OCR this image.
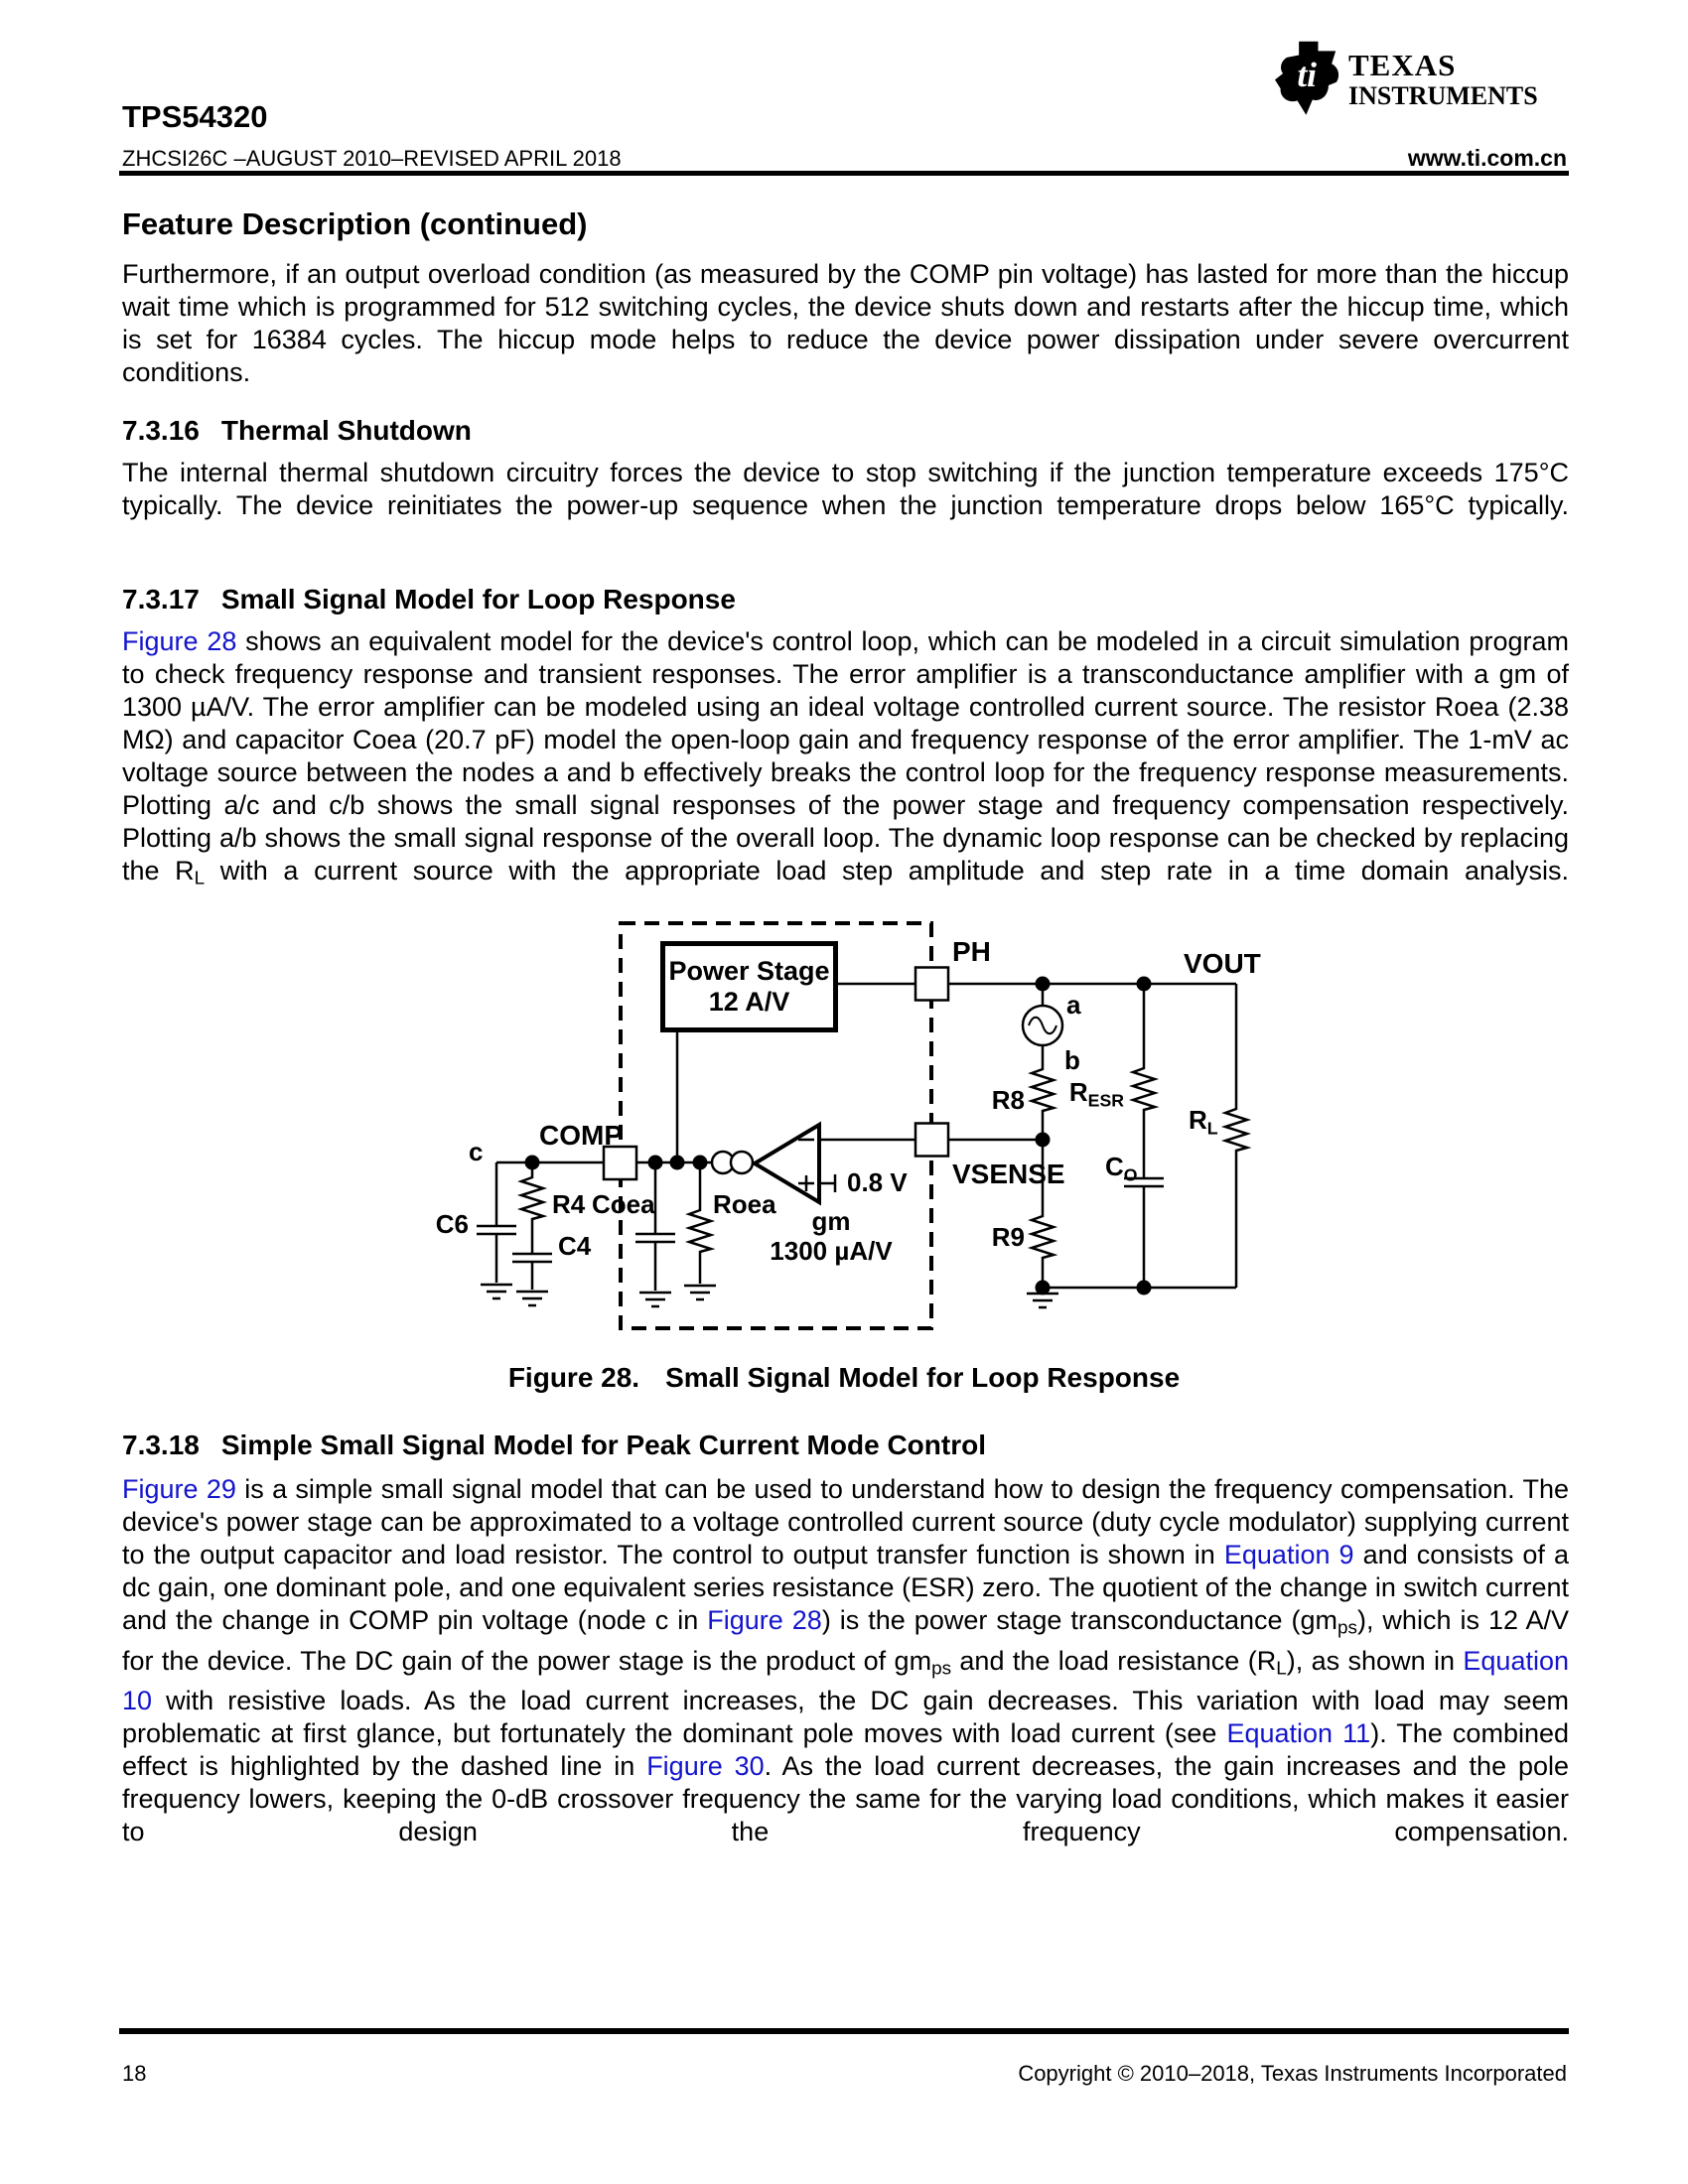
TPS54320
ZHCSI26C –AUGUST 2010–REVISED APRIL 2018
ti TEXAS
INSTRUMENTS
www.ti.com.cn
Feature Description (continued)
Furthermore, if an output overload condition (as measured by the COMP pin voltage) has lasted for more than the hiccup wait time which is programmed for 512 switching cycles, the device shuts down and restarts after the hiccup time, which is set for 16384 cycles. The hiccup mode helps to reduce the device power dissipation under severe overcurrent conditions.
7.3.16 Thermal Shutdown
The internal thermal shutdown circuitry forces the device to stop switching if the junction temperature exceeds 175°C typically. The device reinitiates the power-up sequence when the junction temperature drops below 165°C typically.
7.3.17 Small Signal Model for Loop Response
Figure 28 shows an equivalent model for the device's control loop, which can be modeled in a circuit simulation program to check frequency response and transient responses. The error amplifier is a transconductance amplifier with a gm of 1300 µA/V. The error amplifier can be modeled using an ideal voltage controlled current source. The resistor Roea (2.38 MΩ) and capacitor Coea (20.7 pF) model the open-loop gain and frequency response of the error amplifier. The 1-mV ac voltage source between the nodes a and b effectively breaks the control loop for the frequency response measurements. Plotting a/c and c/b shows the small signal responses of the power stage and frequency compensation respectively. Plotting a/b shows the small signal response of the overall loop. The dynamic loop response can be checked by replacing the RL with a current source with the appropriate load step amplitude and step rate in a time domain analysis.
Power Stage
12 A/V
PH	VOUT
a
b
R8
R9
$R_{ESR}$
$C_O$
$R_L$
VSENSE
COMP
c
C6
R4
C4
Coea Roea
gm
1300 µA/V
0.8 V
Figure 28. Small Signal Model for Loop Response
7.3.18 Simple Small Signal Model for Peak Current Mode Control
Figure 29 is a simple small signal model that can be used to understand how to design the frequency compensation. The device's power stage can be approximated to a voltage controlled current source (duty cycle modulator) supplying current to the output capacitor and load resistor. The control to output transfer function is shown in Equation 9 and consists of a dc gain, one dominant pole, and one equivalent series resistance (ESR) zero. The quotient of the change in switch current and the change in COMP pin voltage (node c in Figure 28) is the power stage transconductance (gmps), which is 12 A/V for the device. The DC gain of the power stage is the product of gmps and the load resistance (RL), as shown in Equation 10 with resistive loads. As the load current increases, the DC gain decreases. This variation with load may seem problematic at first glance, but fortunately the dominant pole moves with load current (see Equation 11). The combined effect is highlighted by the dashed line in Figure 30. As the load current decreases, the gain increases and the pole frequency lowers, keeping the 0-dB crossover frequency the same for the varying load conditions, which makes it easier to design the frequency compensation.
18	Copyright © 2010–2018, Texas Instruments Incorporated
